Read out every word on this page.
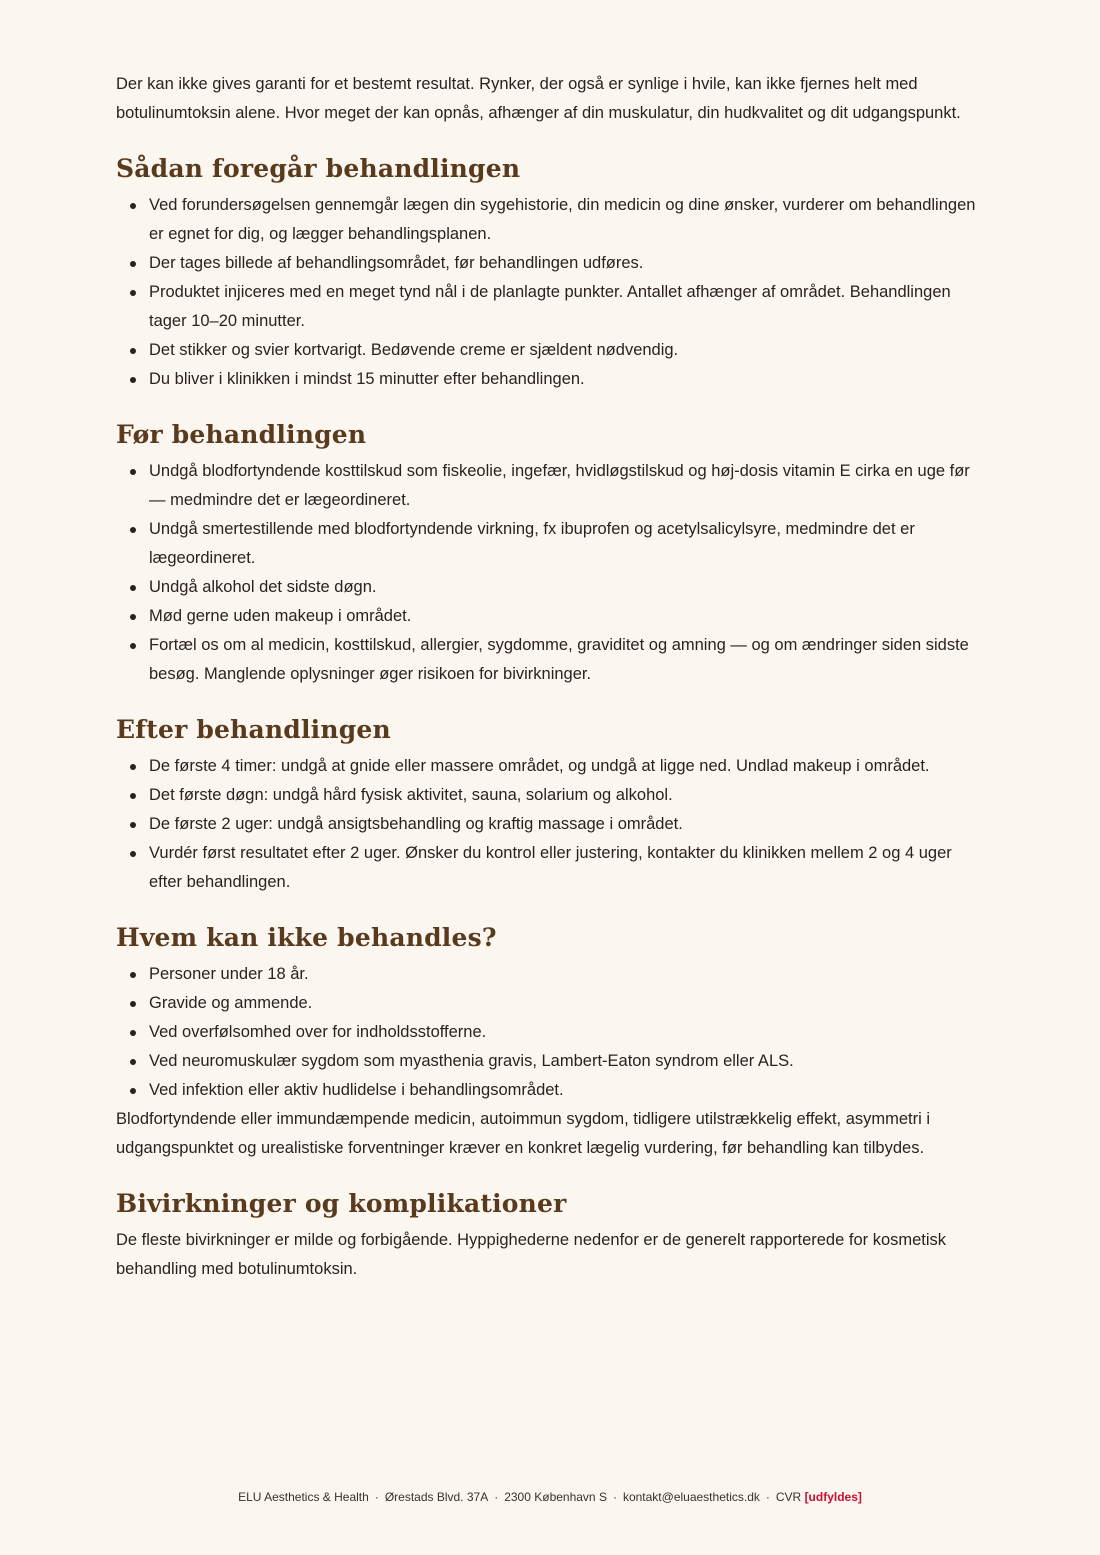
Der kan ikke gives garanti for et bestemt resultat. Rynker, der også er synlige i hvile, kan ikke fjernes helt med botulinumtoksin alene. Hvor meget der kan opnås, afhænger af din muskulatur, din hudkvalitet og dit udgangspunkt.

Sådan foregår behandlingen
Ved forundersøgelsen gennemgår lægen din sygehistorie, din medicin og dine ønsker, vurderer om behandlingen er egnet for dig, og lægger behandlingsplanen.
Der tages billede af behandlingsområdet, før behandlingen udføres.
Produktet injiceres med en meget tynd nål i de planlagte punkter. Antallet afhænger af området. Behandlingen tager 10–20 minutter.
Det stikker og svier kortvarigt. Bedøvende creme er sjældent nødvendig.
Du bliver i klinikken i mindst 15 minutter efter behandlingen.
Før behandlingen
Undgå blodfortyndende kosttilskud som fiskeolie, ingefær, hvidløgstilskud og høj-dosis vitamin E cirka en uge før — medmindre det er lægeordineret.
Undgå smertestillende med blodfortyndende virkning, fx ibuprofen og acetylsalicylsyre, medmindre det er lægeordineret.
Undgå alkohol det sidste døgn.
Mød gerne uden makeup i området.
Fortæl os om al medicin, kosttilskud, allergier, sygdomme, graviditet og amning — og om ændringer siden sidste besøg. Manglende oplysninger øger risikoen for bivirkninger.
Efter behandlingen
De første 4 timer: undgå at gnide eller massere området, og undgå at ligge ned. Undlad makeup i området.
Det første døgn: undgå hård fysisk aktivitet, sauna, solarium og alkohol.
De første 2 uger: undgå ansigtsbehandling og kraftig massage i området.
Vurdér først resultatet efter 2 uger. Ønsker du kontrol eller justering, kontakter du klinikken mellem 2 og 4 uger efter behandlingen.
Hvem kan ikke behandles?
Personer under 18 år.
Gravide og ammende.
Ved overfølsomhed over for indholdsstofferne.
Ved neuromuskulær sygdom som myasthenia gravis, Lambert-Eaton syndrom eller ALS.
Ved infektion eller aktiv hudlidelse i behandlingsområdet.

Blodfortyndende eller immundæmpende medicin, autoimmun sygdom, tidligere utilstrækkelig effekt, asymmetri i udgangspunktet og urealistiske forventninger kræver en konkret lægelig vurdering, før behandling kan tilbydes.

Bivirkninger og komplikationer

De fleste bivirkninger er milde og forbigående. Hyppighederne nedenfor er de generelt rapporterede for kosmetisk behandling med botulinumtoksin.

ELU Aesthetics & Health · Ørestads Blvd. 37A · 2300 København S · kontakt@eluaesthetics.dk · CVR [udfyldes]
